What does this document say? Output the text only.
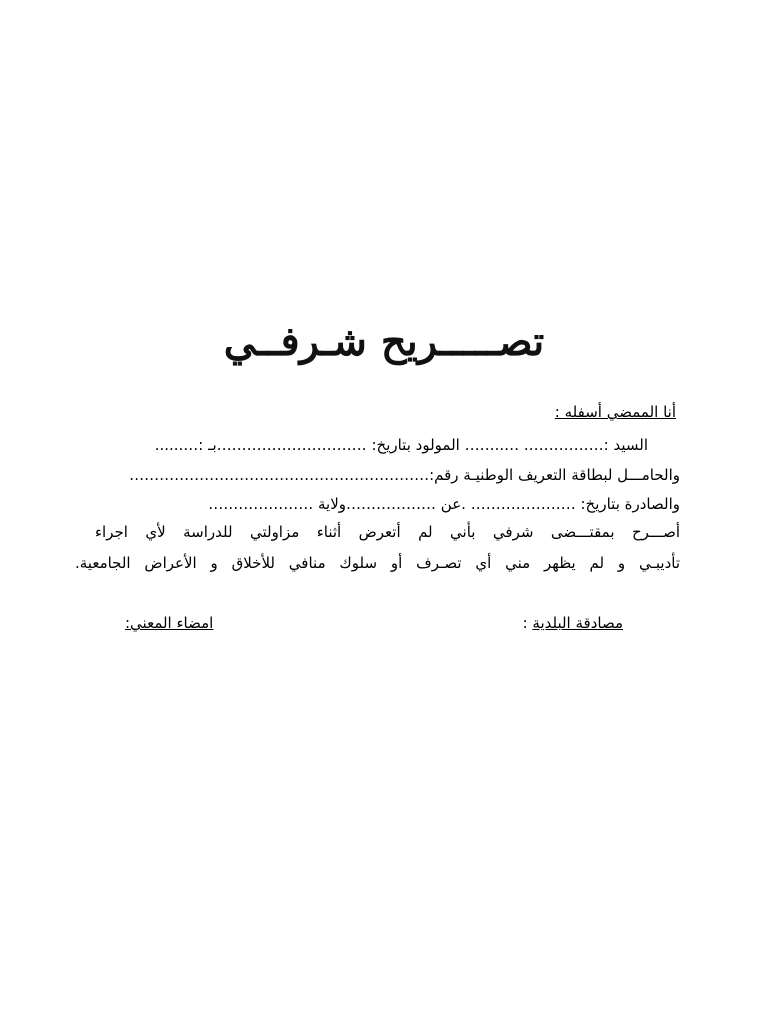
تصـــــريح شـرفــي
أنا الممضي أسفله :
السيد :……………. …..…… المولود بتاريخ: …………………………بـ :…......
والحامـــل لبطاقة التعريف الوطنيـة رقم:……………………………………………………
والصادرة بتاريخ: ………………… .عن ………………ولاية …………………
أصـــرح بمقتـــضى شرفي بأني لم أتعرض أثناء مزاولتي للدراسة لأي اجراء
تأديبـي و لم يظهر مني أي تصـرف أو سلوك منافي للأخلاق و الأعراض الجامعية.
مصادقة البلدية :
امضاء المعني:
